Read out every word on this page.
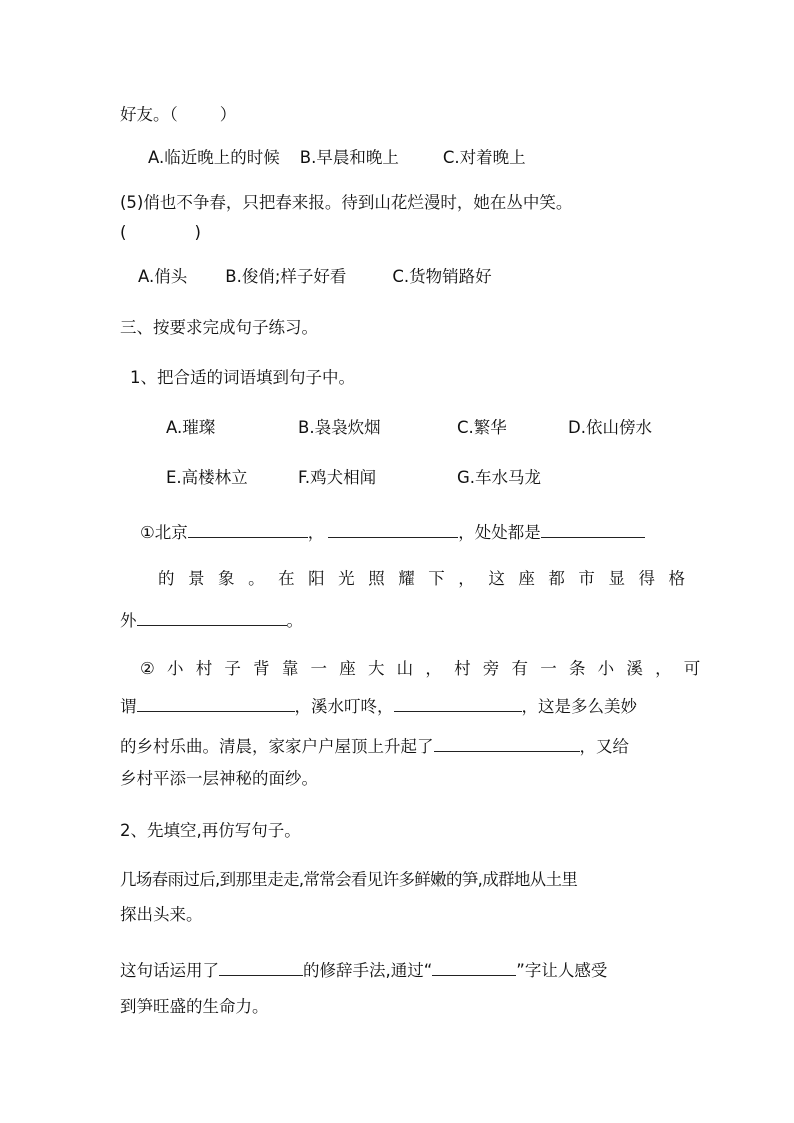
好友。（	）
A.临近晚上的时候 B.早晨和晚上	C.对着晚上
(5)俏也不争春，只把春来报。待到山花烂漫时，她在丛中笑。
(	)
A.俏头 B.俊俏;样子好看	C.货物销路好
三、按要求完成句子练习。
1、把合适的词语填到句子中。
A.璀璨	B.袅袅炊烟	C.繁华	D.依山傍水
E.高楼林立	F.鸡犬相闻	G.车水马龙
①北京	，	，处处都是
的景象。在阳光照耀下，这座都市显得格
外	。
②小村子背靠一座大山，村旁有一条小溪，可
谓	，溪水叮咚，	，这是多么美妙
的乡村乐曲。清晨，家家户户屋顶上升起了	，又给
乡村平添一层神秘的面纱。
2、先填空,再仿写句子。
几场春雨过后,到那里走走,常常会看见许多鲜嫩的笋,成群地从土里
探出头来。
这句话运用了	的修辞手法,通过“	”字让人感受
到笋旺盛的生命力。
